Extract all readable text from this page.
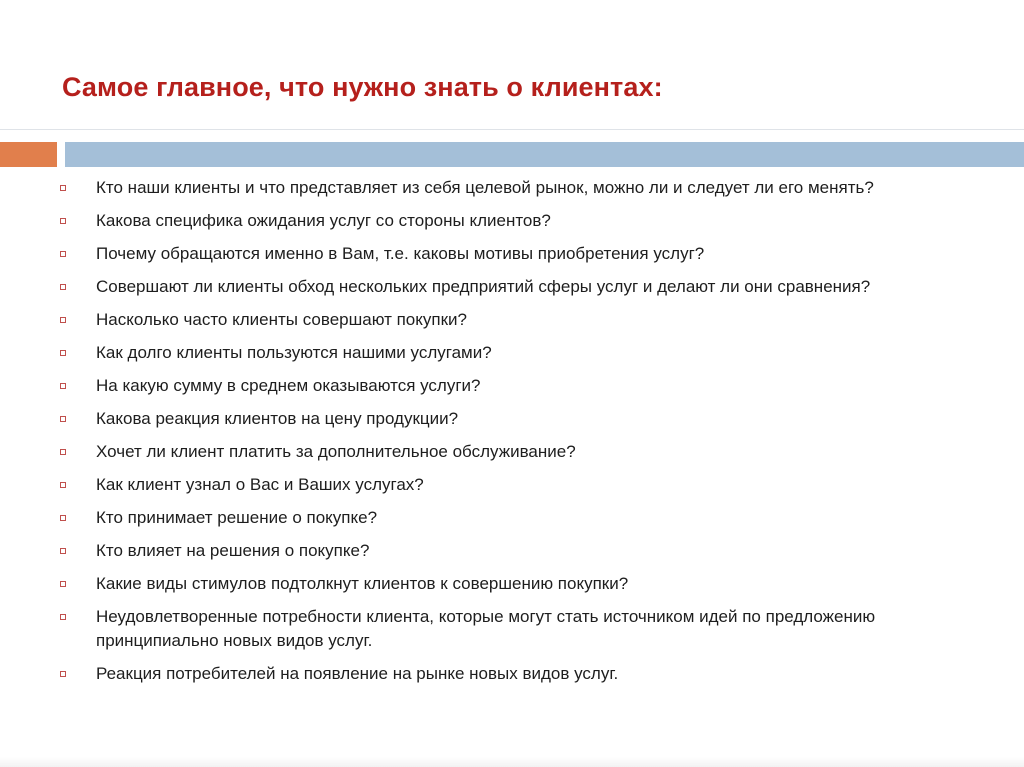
Самое главное, что нужно знать о клиентах:
Кто наши клиенты и что представляет из себя целевой рынок, можно ли и следует ли его менять?
Какова специфика ожидания услуг со стороны клиентов?
Почему обращаются именно в Вам, т.е. каковы мотивы приобретения услуг?
Совершают ли клиенты обход нескольких предприятий сферы услуг и делают ли они сравнения?
Насколько часто клиенты совершают покупки?
Как долго клиенты пользуются нашими услугами?
На какую сумму в среднем оказываются услуги?
Какова реакция клиентов на цену продукции?
Хочет ли клиент платить за дополнительное обслуживание?
Как клиент узнал о Вас и Ваших услугах?
Кто принимает решение о покупке?
Кто влияет на решения о покупке?
Какие виды стимулов подтолкнут клиентов к совершению покупки?
Неудовлетворенные потребности клиента, которые могут стать источником идей по предложению принципиально новых видов услуг.
Реакция потребителей на появление на рынке новых видов услуг.
